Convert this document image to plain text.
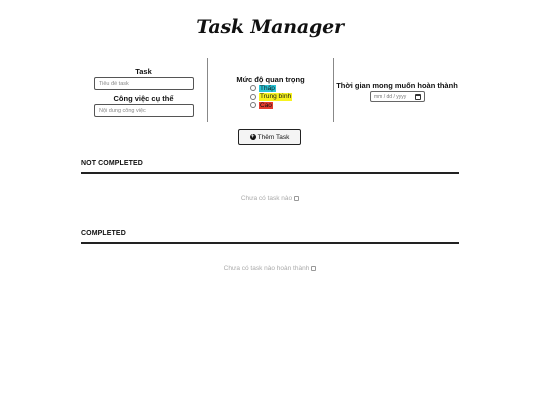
Task Manager
Task
Tiêu đề task
Công việc cụ thể
Nội dung công việc
Mức độ quan trọng
Thấp
Trung bình
Cao
Thời gian mong muốn hoàn thành
mm / dd / yyyy
+ Thêm Task
NOT COMPLETED
Chưa có task nào
COMPLETED
Chưa có task nào hoàn thành
